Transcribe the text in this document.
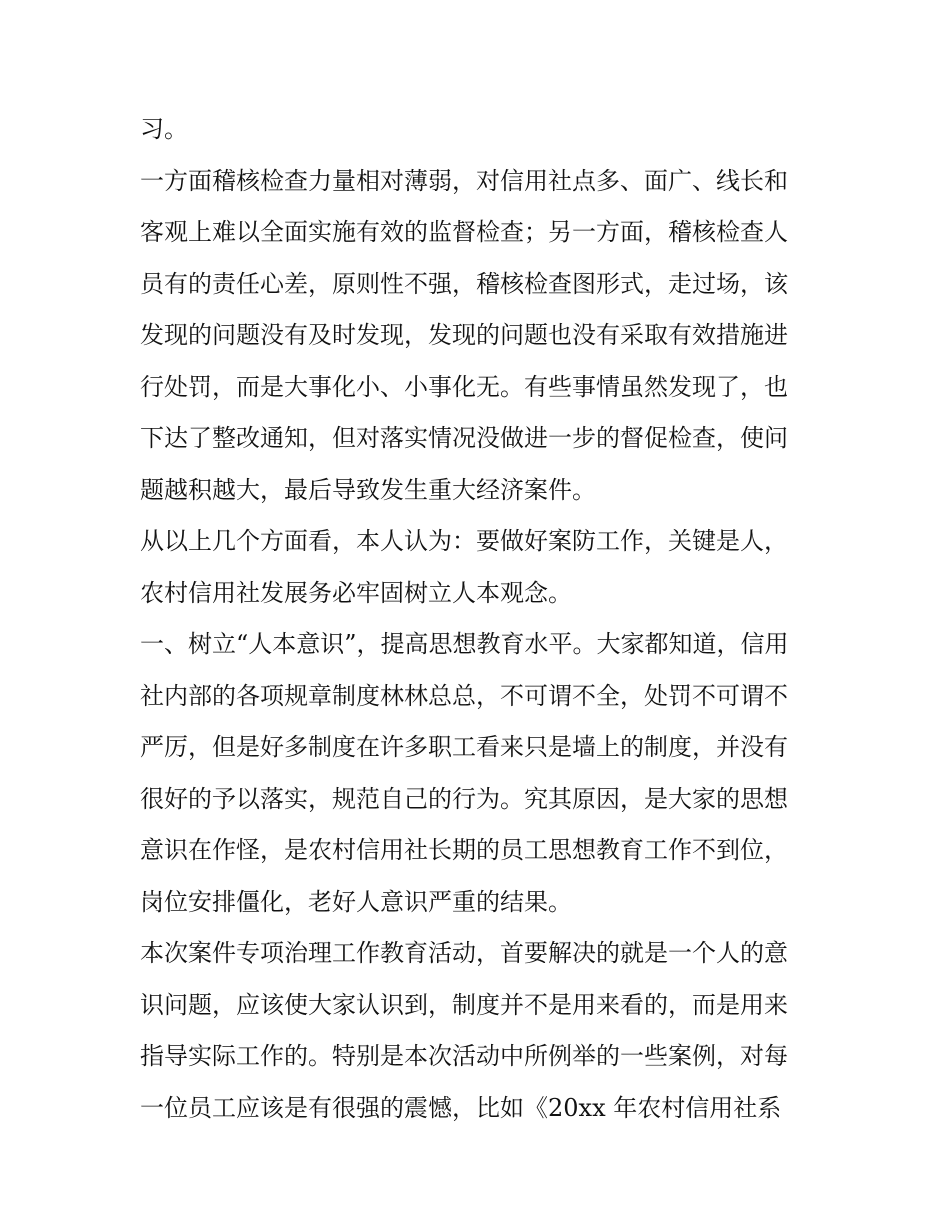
习。
一方面稽核检查力量相对薄弱，对信用社点多、面广、线长和
客观上难以全面实施有效的监督检查；另一方面，稽核检查人
员有的责任心差，原则性不强，稽核检查图形式，走过场，该
发现的问题没有及时发现，发现的问题也没有采取有效措施进
行处罚，而是大事化小、小事化无。有些事情虽然发现了，也
下达了整改通知，但对落实情况没做进一步的督促检查，使问
题越积越大，最后导致发生重大经济案件。
从以上几个方面看，本人认为：要做好案防工作，关键是人，
农村信用社发展务必牢固树立人本观念。
一、树立“人本意识”，提高思想教育水平。大家都知道，信用
社内部的各项规章制度林林总总，不可谓不全，处罚不可谓不
严厉，但是好多制度在许多职工看来只是墙上的制度，并没有
很好的予以落实，规范自己的行为。究其原因，是大家的思想
意识在作怪，是农村信用社长期的员工思想教育工作不到位，
岗位安排僵化，老好人意识严重的结果。
本次案件专项治理工作教育活动，首要解决的就是一个人的意
识问题，应该使大家认识到，制度并不是用来看的，而是用来
指导实际工作的。特别是本次活动中所例举的一些案例，对每
一位员工应该是有很强的震憾，比如《20xx 年农村信用社系
